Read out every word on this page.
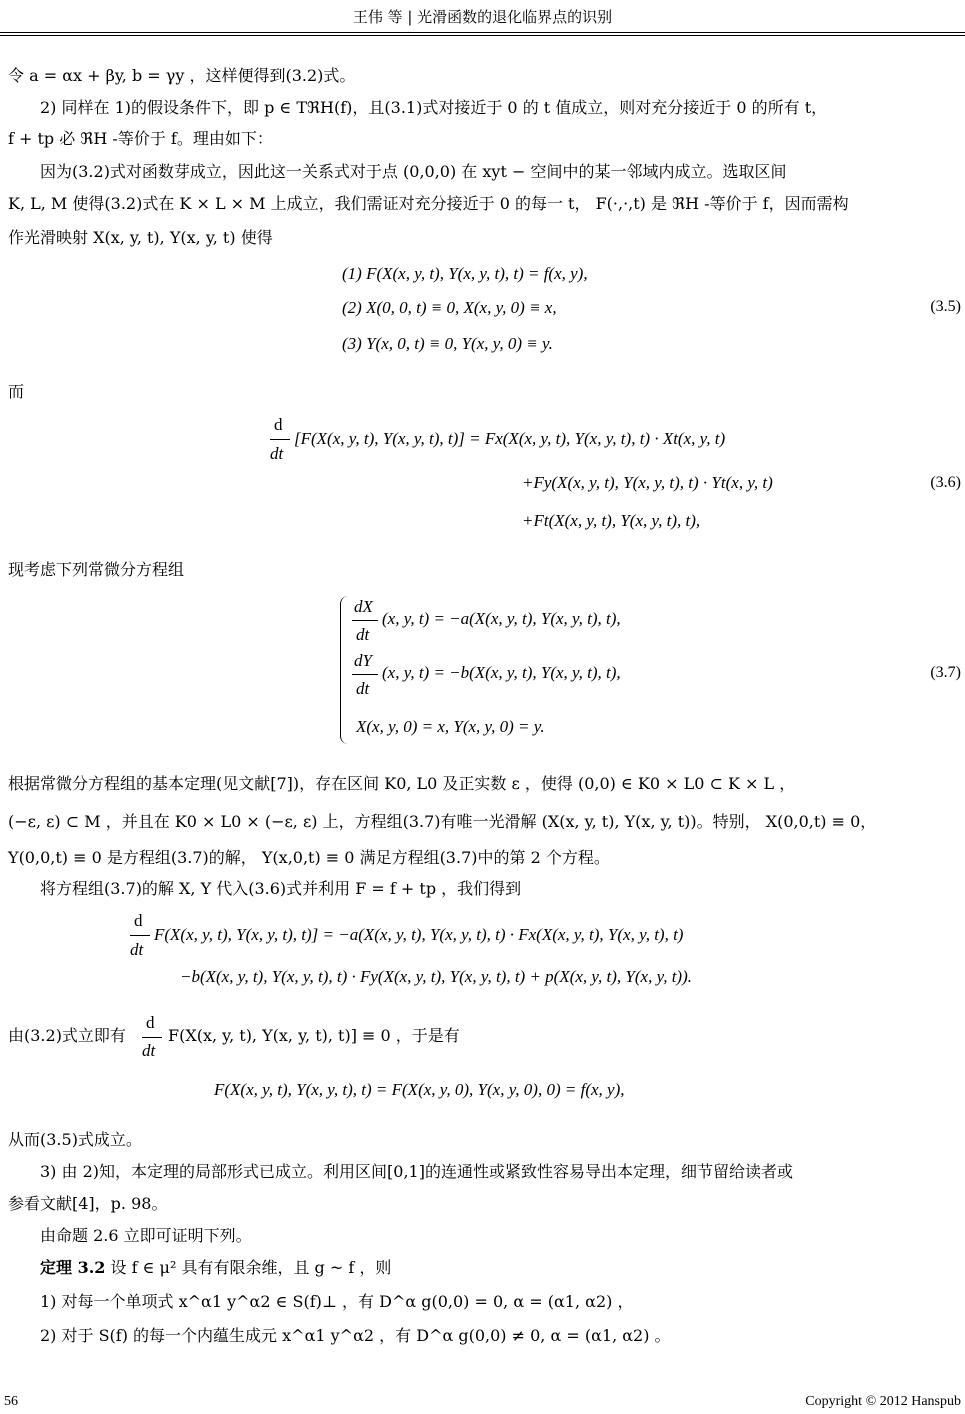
王伟 等 | 光滑函数的退化临界点的识别
令 a = αx + βy, b = γy ，这样便得到(3.2)式。
2) 同样在 1)的假设条件下，即 p ∈ TℜH(f)，且(3.1)式对接近于 0 的 t 值成立，则对充分接近于 0 的所有 t，
f + tp 必 ℜH -等价于 f。理由如下：
因为(3.2)式对函数芽成立，因此这一关系式对于点 (0,0,0) 在 xyt − 空间中的某一邻域内成立。选取区间
K, L, M 使得(3.2)式在 K × L × M 上成立，我们需证对充分接近于 0 的每一 t， F(·,·,t) 是 ℜH -等价于 f，因而需构
作光滑映射 X(x, y, t), Y(x, y, t) 使得
(1) F(X(x, y, t), Y(x, y, t), t) = f(x, y),
(2) X(0, 0, t) ≡ 0, X(x, y, 0) ≡ x,
(3) Y(x, 0, t) ≡ 0, Y(x, y, 0) ≡ y.
(3.5)
而
d
dt
[F(X(x, y, t), Y(x, y, t), t)] = Fx(X(x, y, t), Y(x, y, t), t) · Xt(x, y, t)
+Fy(X(x, y, t), Y(x, y, t), t) · Yt(x, y, t)
+Ft(X(x, y, t), Y(x, y, t), t),
(3.6)
现考虑下列常微分方程组
dX
dt
(x, y, t) = −a(X(x, y, t), Y(x, y, t), t),
dY
dt
(x, y, t) = −b(X(x, y, t), Y(x, y, t), t),
X(x, y, 0) = x, Y(x, y, 0) = y.
(3.7)
根据常微分方程组的基本定理(见文献[7])，存在区间 K0, L0 及正实数 ε ，使得 (0,0) ∈ K0 × L0 ⊂ K × L ，
(−ε, ε) ⊂ M ，并且在 K0 × L0 × (−ε, ε) 上，方程组(3.7)有唯一光滑解 (X(x, y, t), Y(x, y, t))。特别， X(0,0,t) ≡ 0，
Y(0,0,t) ≡ 0 是方程组(3.7)的解， Y(x,0,t) ≡ 0 满足方程组(3.7)中的第 2 个方程。
将方程组(3.7)的解 X, Y 代入(3.6)式并利用 F = f + tp ，我们得到
d
dt
F(X(x, y, t), Y(x, y, t), t)] = −a(X(x, y, t), Y(x, y, t), t) · Fx(X(x, y, t), Y(x, y, t), t)
−b(X(x, y, t), Y(x, y, t), t) · Fy(X(x, y, t), Y(x, y, t), t) + p(X(x, y, t), Y(x, y, t)).
由(3.2)式立即有
d
dt
F(X(x, y, t), Y(x, y, t), t)] ≡ 0 ，于是有
F(X(x, y, t), Y(x, y, t), t) = F(X(x, y, 0), Y(x, y, 0), 0) = f(x, y),
从而(3.5)式成立。
3) 由 2)知，本定理的局部形式已成立。利用区间[0,1]的连通性或紧致性容易导出本定理，细节留给读者或
参看文献[4]，p. 98。
由命题 2.6 立即可证明下列。
定理 3.2 设 f ∈ μ² 具有有限余维，且 g ~ f ，则
1) 对每一个单项式 x^α1 y^α2 ∈ S(f)⊥ ，有 D^α g(0,0) = 0, α = (α1, α2) ，
2) 对于 S(f) 的每一个内蕴生成元 x^α1 y^α2 ，有 D^α g(0,0) ≠ 0, α = (α1, α2) 。
56	Copyright © 2012 Hanspub
